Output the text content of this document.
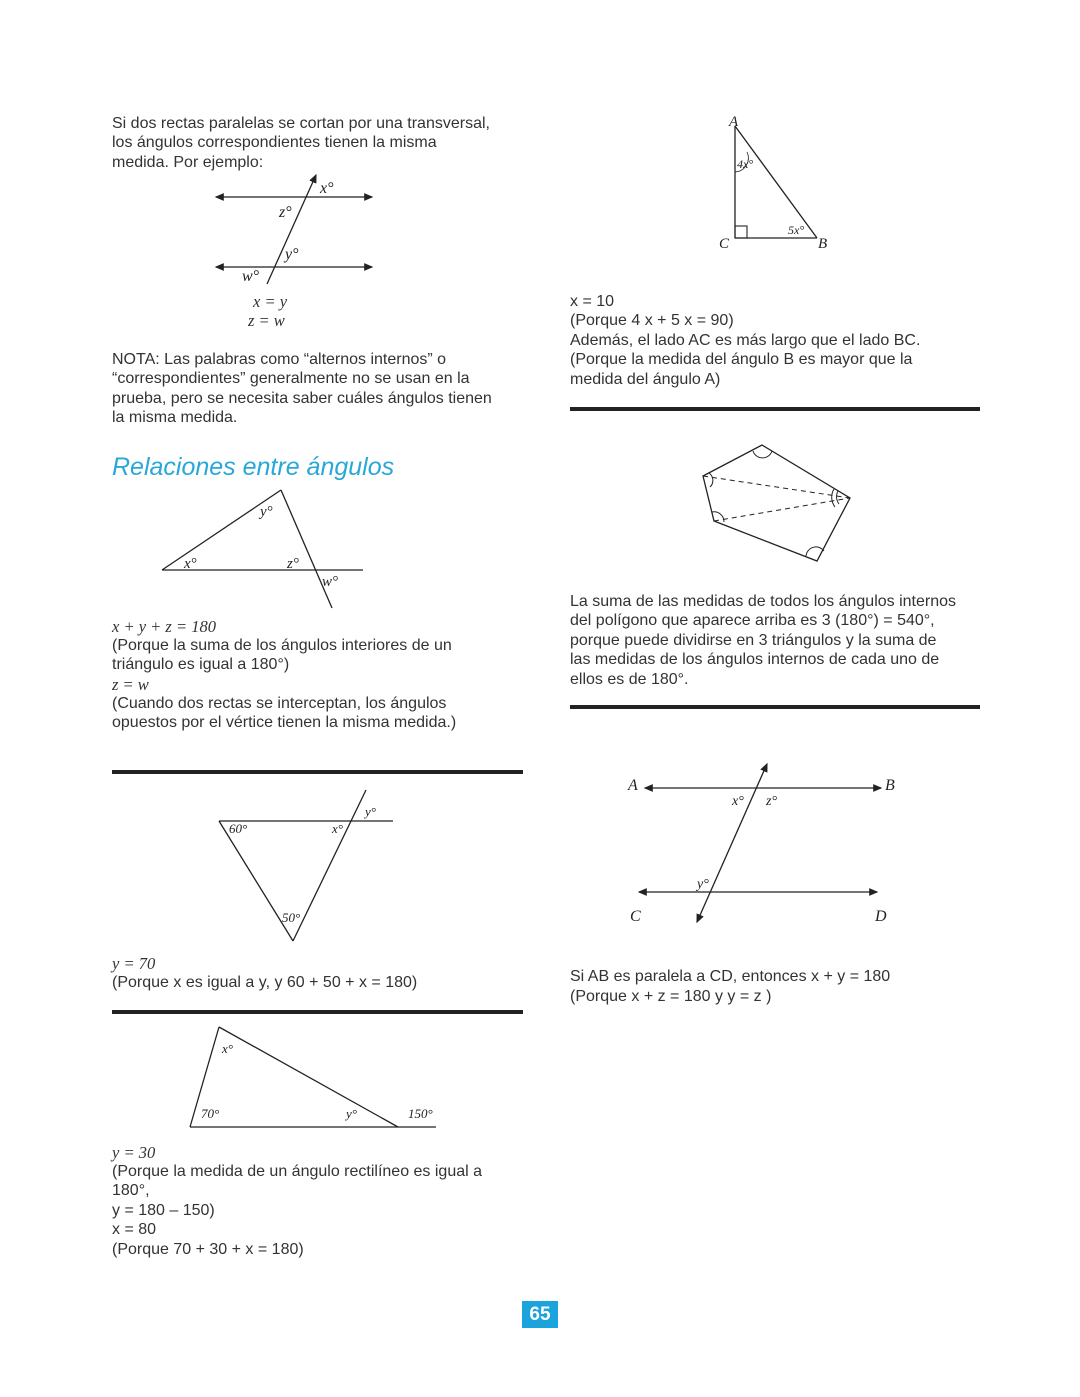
Si dos rectas paralelas se cortan por una transversal,
los ángulos correspondientes tienen la misma
medida. Por ejemplo:
x°
z°
y°
w°
x = y
z = w
NOTA: Las palabras como “alternos internos” o
“correspondientes” generalmente no se usan en la
prueba, pero se necesita saber cuáles ángulos tienen
la misma medida.
Relaciones entre ángulos
y°
x°	z°
w°
x + y + z = 180
(Porque la suma de los ángulos interiores de un
triángulo es igual a 180°)
z = w
(Cuando dos rectas se interceptan, los ángulos
opuestos por el vértice tienen la misma medida.)
60°	x°
y°
50°
y = 70
(Porque x es igual a y, y 60 + 50 + x = 180)
x°
70°	y°	150°
y = 30
(Porque la medida de un ángulo rectilíneo es igual a
180°,
y = 180 – 150)
x = 80
(Porque 70 + 30 + x = 180)
A
4x°
C
5x°
B
x = 10
(Porque 4 x + 5 x = 90)
Además, el lado AC es más largo que el lado BC.
(Porque la medida del ángulo B es mayor que la
medida del ángulo A)
La suma de las medidas de todos los ángulos internos
del polígono que aparece arriba es 3 (180°) = 540°,
porque puede dividirse en 3 triángulos y la suma de
las medidas de los ángulos internos de cada uno de
ellos es de 180°.
A	B
x° z°
y°
C	D
Si AB es paralela a CD, entonces x + y = 180
(Porque x + z = 180 y y = z )
65
